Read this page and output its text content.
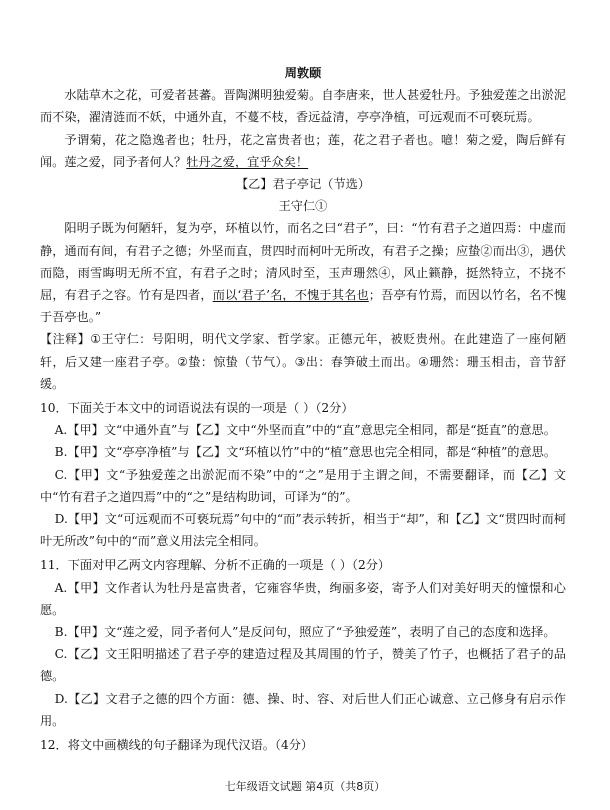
周敦颐

水陆草木之花，可爱者甚蕃。晋陶渊明独爱菊。自李唐来，世人甚爱牡丹。予独爱莲之出淤泥而不染，濯清涟而不妖，中通外直，不蔓不枝，香远益清，亭亭净植，可远观而不可亵玩焉。

予谓菊，花之隐逸者也；牡丹，花之富贵者也；莲，花之君子者也。噫！菊之爱，陶后鲜有闻。莲之爱，同予者何人？牡丹之爱，宜乎众矣！

【乙】君子亭记（节选）

王守仁①

阳明子既为何陋轩，复为亭，环植以竹，而名之曰“君子”，曰：“竹有君子之道四焉：中虚而静，通而有间，有君子之德；外坚而直，贯四时而柯叶无所改，有君子之操；应蛰②而出③，遇伏而隐，雨雪晦明无所不宜，有君子之时；清风时至，玉声珊然④，风止籁静，挺然特立，不挠不屈，有君子之容。竹有是四者，而以‘君子’名，不愧于其名也；吾亭有竹焉，而因以竹名，名不愧于吾亭也。”

【注释】①王守仁：号阳明，明代文学家、哲学家。正德元年，被贬贵州。在此建造了一座何陋轩，后又建一座君子亭。②蛰：惊蛰（节气）。③出：春笋破土而出。④珊然：珊玉相击，音节舒缓。

10．下面关于本文中的词语说法有误的一项是（ ）（2分）

A.【甲】文“中通外直”与【乙】文中“外坚而直”中的“直”意思完全相同，都是“挺直”的意思。

B.【甲】文“亭亭净植”与【乙】文“环植以竹”中的“植”意思也完全相同，都是“种植”的意思。

C.【甲】文“予独爱莲之出淤泥而不染”中的“之”是用于主谓之间，不需要翻译，而【乙】文中“竹有君子之道四焉”中的“之”是结构助词，可译为“的”。

D.【甲】文“可远观而不可亵玩焉”句中的“而”表示转折，相当于“却”，和【乙】文“贯四时而柯叶无所改”句中的“而”意义用法完全相同。

11．下面对甲乙两文内容理解、分析不正确的一项是（ ）（2分）

A.【甲】文作者认为牡丹是富贵者，它雍容华贵，绚丽多姿，寄予人们对美好明天的憧憬和心愿。

B.【甲】文“莲之爱，同予者何人”是反问句，照应了“予独爱莲”，表明了自己的态度和选择。

C.【乙】文王阳明描述了君子亭的建造过程及其周围的竹子，赞美了竹子，也概括了君子的品德。

D.【乙】文君子之德的四个方面：德、操、时、容、对后世人们正心诚意、立己修身有启示作用。

12．将文中画横线的句子翻译为现代汉语。（4分）

七年级语文试题 第4页（共8页）
